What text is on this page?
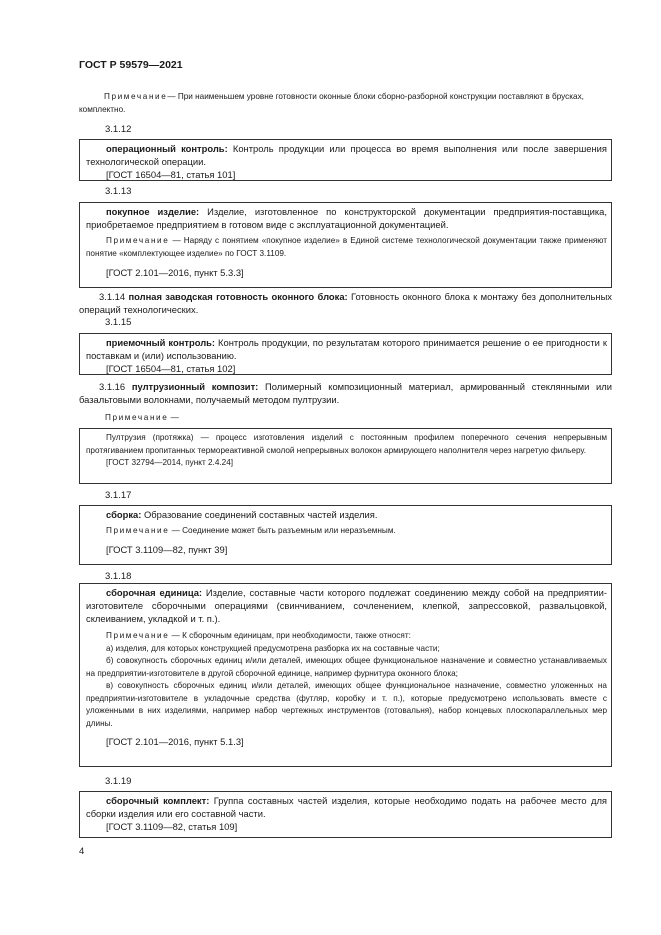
ГОСТ Р 59579—2021
Примечание— При наименьшем уровне готовности оконные блоки сборно-разборной конструкции поставляют в брусках, комплектно.
3.1.12

операционный контроль: Контроль продукции или процесса во время выполнения или после завершения технологической операции.

[ГОСТ 16504—81, статья 101]

3.1.13

покупное изделие: Изделие, изготовленное по конструкторской документации предприятия-поставщика, приобретаемое предприятием в готовом виде с эксплуатационной документацией.

Примечание — Наряду с понятием «покупное изделие» в Единой системе технологической документации также применяют понятие «комплектующее изделие» по ГОСТ 3.1109.

[ГОСТ 2.101—2016, пункт 5.3.3]

3.1.14 полная заводская готовность оконного блока: Готовность оконного блока к монтажу без дополнительных операций технологических.

3.1.15

приемочный контроль: Контроль продукции, по результатам которого принимается решение о ее пригодности к поставкам и (или) использованию.

[ГОСТ 16504—81, статья 102]

3.1.16 пултрузионный композит: Полимерный композиционный материал, армированный стеклянными или базальтовыми волокнами, получаемый методом пултрузии.

Примечание —

Пултрузия (протяжка) — процесс изготовления изделий с постоянным профилем поперечного сечения непрерывным протягиванием пропитанных термореактивной смолой непрерывных волокон армирующего наполнителя через нагретую фильеру.

[ГОСТ 32794—2014, пункт 2.4.24]

3.1.17

сборка: Образование соединений составных частей изделия.

Примечание — Соединение может быть разъемным или неразъемным.

[ГОСТ 3.1109—82, пункт 39]

3.1.18

сборочная единица: Изделие, составные части которого подлежат соединению между собой на предприятии-изготовителе сборочными операциями (свинчиванием, сочленением, клепкой, запрессовкой, развальцовкой, склеиванием, укладкой и т. п.).

Примечание — К сборочным единицам, при необходимости, также относят:

а) изделия, для которых конструкцией предусмотрена разборка их на составные части;

б) совокупность сборочных единиц и/или деталей, имеющих общее функциональное назначение и совместно устанавливаемых на предприятии-изготовителе в другой сборочной единице, например фурнитура оконного блока;

в) совокупность сборочных единиц и/или деталей, имеющих общее функциональное назначение, совместно уложенных на предприятии-изготовителе в укладочные средства (футляр, коробку и т. п.), которые предусмотрено использовать вместе с уложенными в них изделиями, например набор чертежных инструментов (готовальня), набор концевых плоскопараллельных мер длины.

[ГОСТ 2.101—2016, пункт 5.1.3]

3.1.19

сборочный комплект: Группа составных частей изделия, которые необходимо подать на рабочее место для сборки изделия или его составной части.

[ГОСТ 3.1109—82, статья 109]

4
